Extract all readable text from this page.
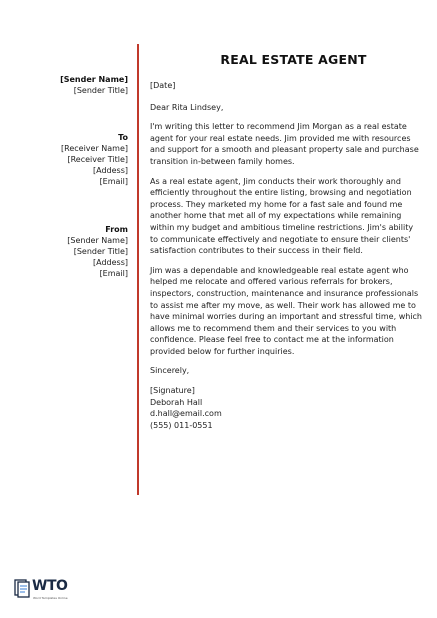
[Sender Name]
[Sender Title]
To
[Receiver Name]
[Receiver Title]
[Addess]
[Email]
From
[Sender Name]
[Sender Title]
[Addess]
[Email]
REAL ESTATE AGENT

[Date]

Dear Rita Lindsey,

I'm writing this letter to recommend Jim Morgan as a real estate agent for your real estate needs. Jim provided me with resources and support for a smooth and pleasant property sale and purchase transition in-between family homes.

As a real estate agent, Jim conducts their work thoroughly and efficiently throughout the entire listing, browsing and negotiation process. They marketed my home for a fast sale and found me another home that met all of my expectations while remaining within my budget and ambitious timeline restrictions. Jim's ability to communicate effectively and negotiate to ensure their clients' satisfaction contributes to their success in their field.

Jim was a dependable and knowledgeable real estate agent who helped me relocate and offered various referrals for brokers, inspectors, construction, maintenance and insurance professionals to assist me after my move, as well. Their work has allowed me to have minimal worries during an important and stressful time, which allows me to recommend them and their services to you with confidence. Please feel free to contact me at the information provided below for further inquiries.

Sincerely,

[Signature]
Deborah Hall
d.hall@email.com
(555) 011-0551
WTO
Word Templates Online
